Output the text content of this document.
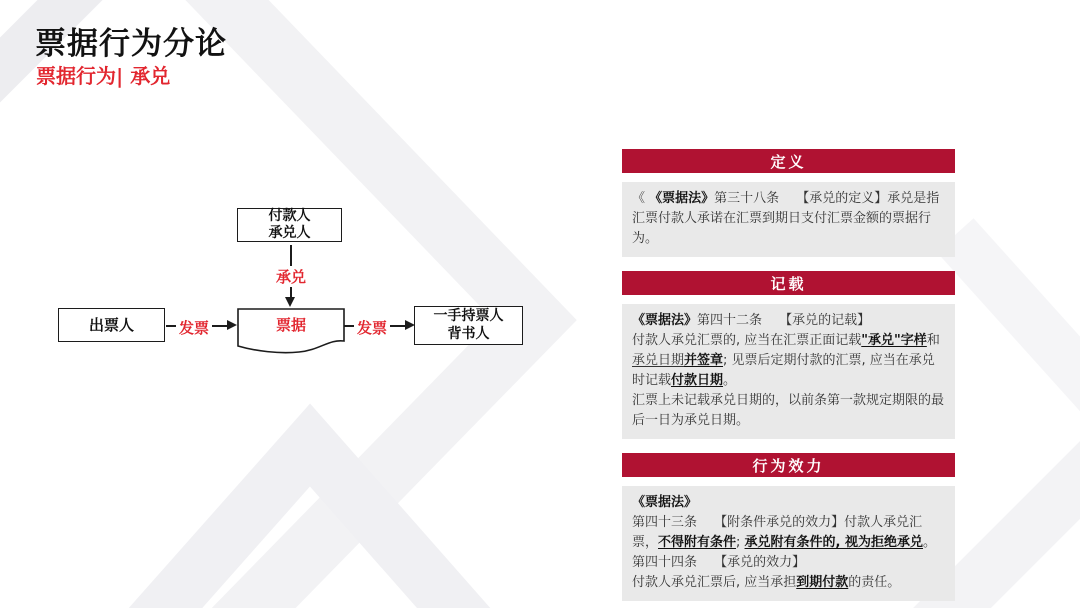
票据行为分论
票据行为| 承兑
付款人
承兑人
承兑
出票人	发票	票据	发票
一手持票人
背书人
定义

《 《票据法》第三十八条　 【承兑的定义】承兑是指汇票付款人承诺在汇票到期日支付汇票金额的票据行为。

记载

《票据法》第四十二条　 【承兑的记载】

付款人承兑汇票的, 应当在汇票正面记载"承兑"字样和承兑日期并签章; 见票后定期付款的汇票, 应当在承兑时记载付款日期。

汇票上未记载承兑日期的，以前条第一款规定期限的最后一日为承兑日期。

行为效力

《票据法》

第四十三条　 【附条件承兑的效力】付款人承兑汇票，不得附有条件; 承兑附有条件的, 视为拒绝承兑。

第四十四条　 【承兑的效力】

付款人承兑汇票后, 应当承担到期付款的责任。
